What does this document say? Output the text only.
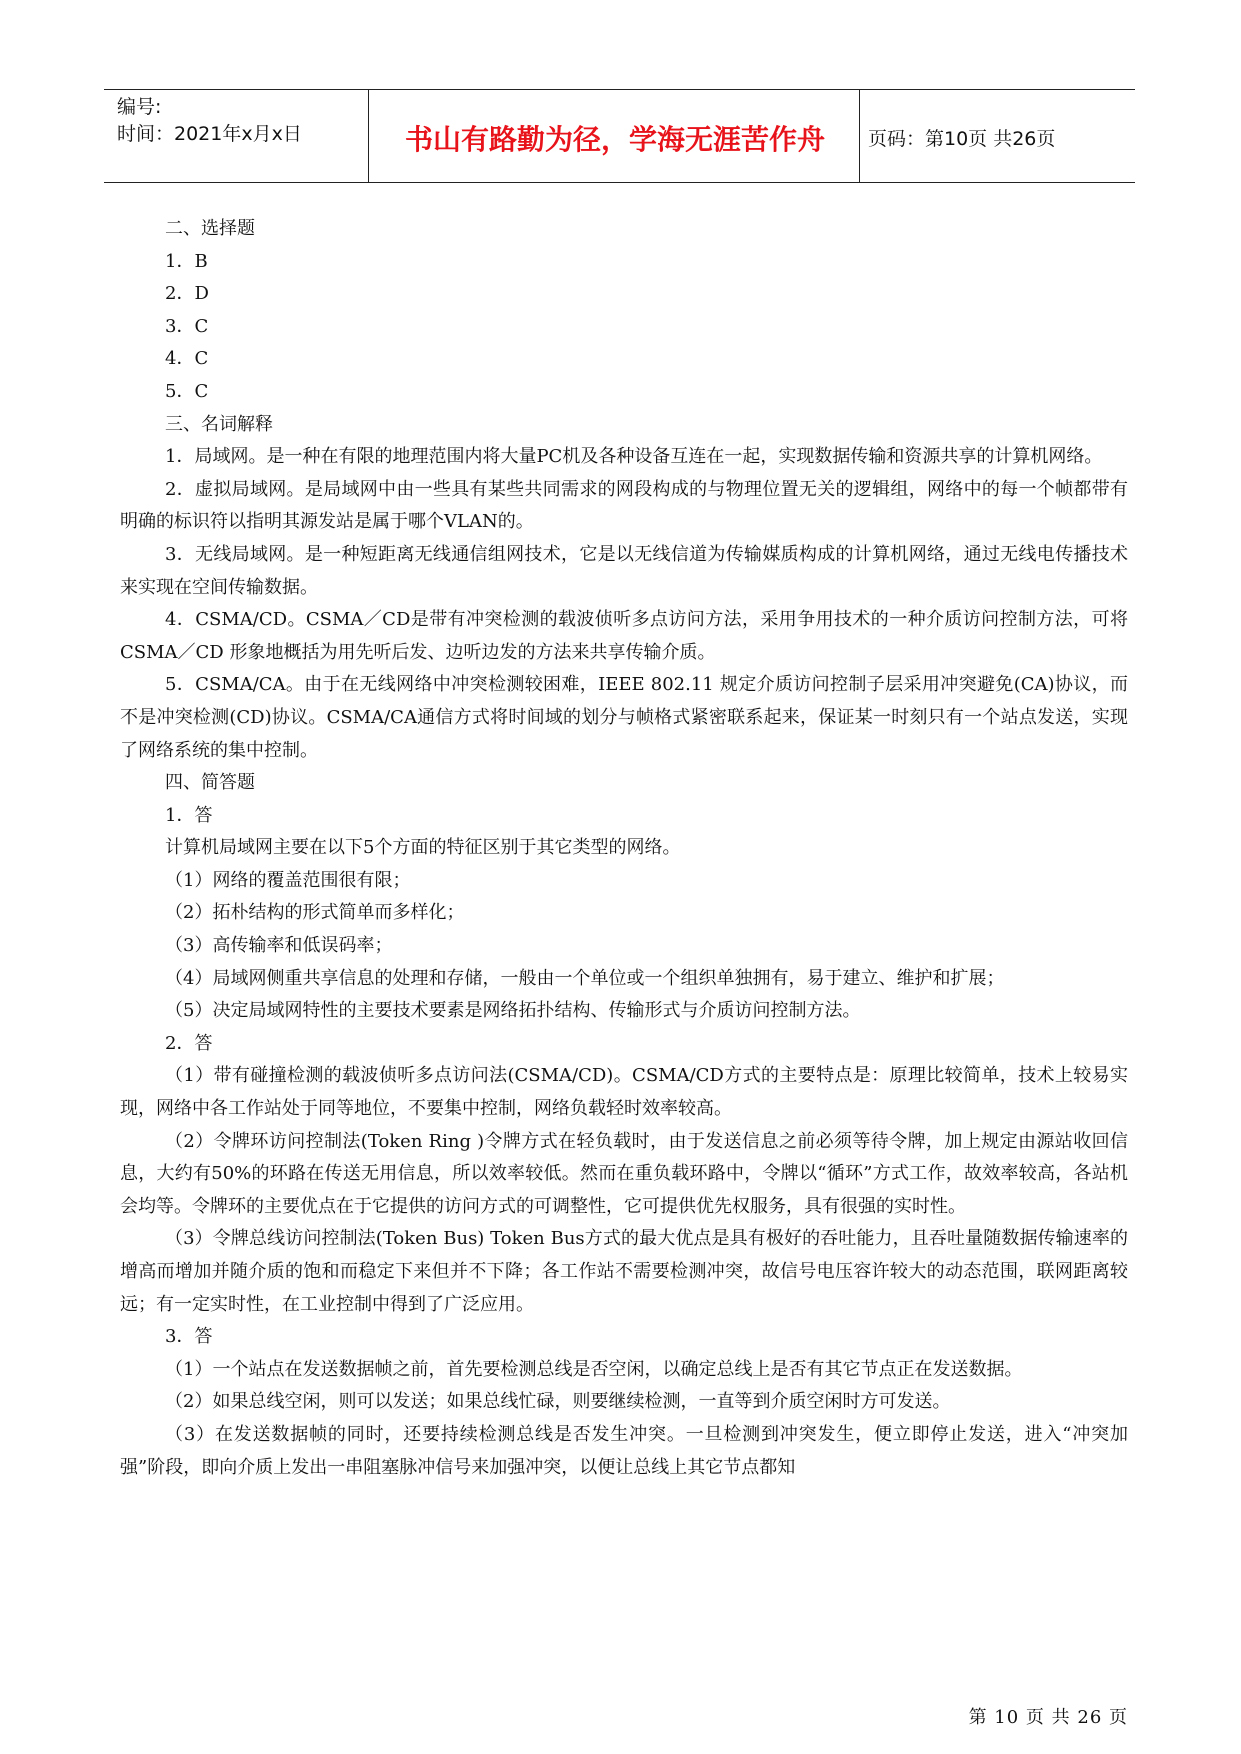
编号:
时间：2021年x月x日	书山有路勤为径，学海无涯苦作舟	页码：第10页 共26页

二、选择题

1．B

2．D

3．C

4．C

5．C

三、名词解释

1．局域网。是一种在有限的地理范围内将大量PC机及各种设备互连在一起，实现数据传输和资源共享的计算机网络。

2．虚拟局域网。是局域网中由一些具有某些共同需求的网段构成的与物理位置无关的逻辑组，网络中的每一个帧都带有明确的标识符以指明其源发站是属于哪个VLAN的。

3．无线局域网。是一种短距离无线通信组网技术，它是以无线信道为传输媒质构成的计算机网络，通过无线电传播技术来实现在空间传输数据。

4．CSMA/CD。CSMA／CD是带有冲突检测的载波侦听多点访问方法，采用争用技术的一种介质访问控制方法，可将CSMA／CD 形象地概括为用先听后发、边听边发的方法来共享传输介质。

5．CSMA/CA。由于在无线网络中冲突检测较困难，IEEE 802.11 规定介质访问控制子层采用冲突避免(CA)协议，而不是冲突检测(CD)协议。CSMA/CA通信方式将时间域的划分与帧格式紧密联系起来，保证某一时刻只有一个站点发送，实现了网络系统的集中控制。

四、简答题

1．答

计算机局域网主要在以下5个方面的特征区别于其它类型的网络。

（1）网络的覆盖范围很有限；

（2）拓朴结构的形式简单而多样化；

（3）高传输率和低误码率；

（4）局域网侧重共享信息的处理和存储，一般由一个单位或一个组织单独拥有，易于建立、维护和扩展；

（5）决定局域网特性的主要技术要素是网络拓扑结构、传输形式与介质访问控制方法。

2．答

（1）带有碰撞检测的载波侦听多点访问法(CSMA/CD)。CSMA/CD方式的主要特点是：原理比较简单，技术上较易实现，网络中各工作站处于同等地位，不要集中控制，网络负载轻时效率较高。

（2）令牌环访问控制法(Token Ring )令牌方式在轻负载时，由于发送信息之前必须等待令牌，加上规定由源站收回信息，大约有50%的环路在传送无用信息，所以效率较低。然而在重负载环路中，令牌以“循环”方式工作，故效率较高，各站机会均等。令牌环的主要优点在于它提供的访问方式的可调整性，它可提供优先权服务，具有很强的实时性。

（3）令牌总线访问控制法(Token Bus) Token Bus方式的最大优点是具有极好的吞吐能力，且吞吐量随数据传输速率的增高而增加并随介质的饱和而稳定下来但并不下降；各工作站不需要检测冲突，故信号电压容许较大的动态范围，联网距离较远；有一定实时性，在工业控制中得到了广泛应用。

3．答

（1）一个站点在发送数据帧之前，首先要检测总线是否空闲，以确定总线上是否有其它节点正在发送数据。

（2）如果总线空闲，则可以发送；如果总线忙碌，则要继续检测，一直等到介质空闲时方可发送。

（3）在发送数据帧的同时，还要持续检测总线是否发生冲突。一旦检测到冲突发生，便立即停止发送，进入“冲突加强”阶段，即向介质上发出一串阻塞脉冲信号来加强冲突，以便让总线上其它节点都知

第 10 页 共 26 页
